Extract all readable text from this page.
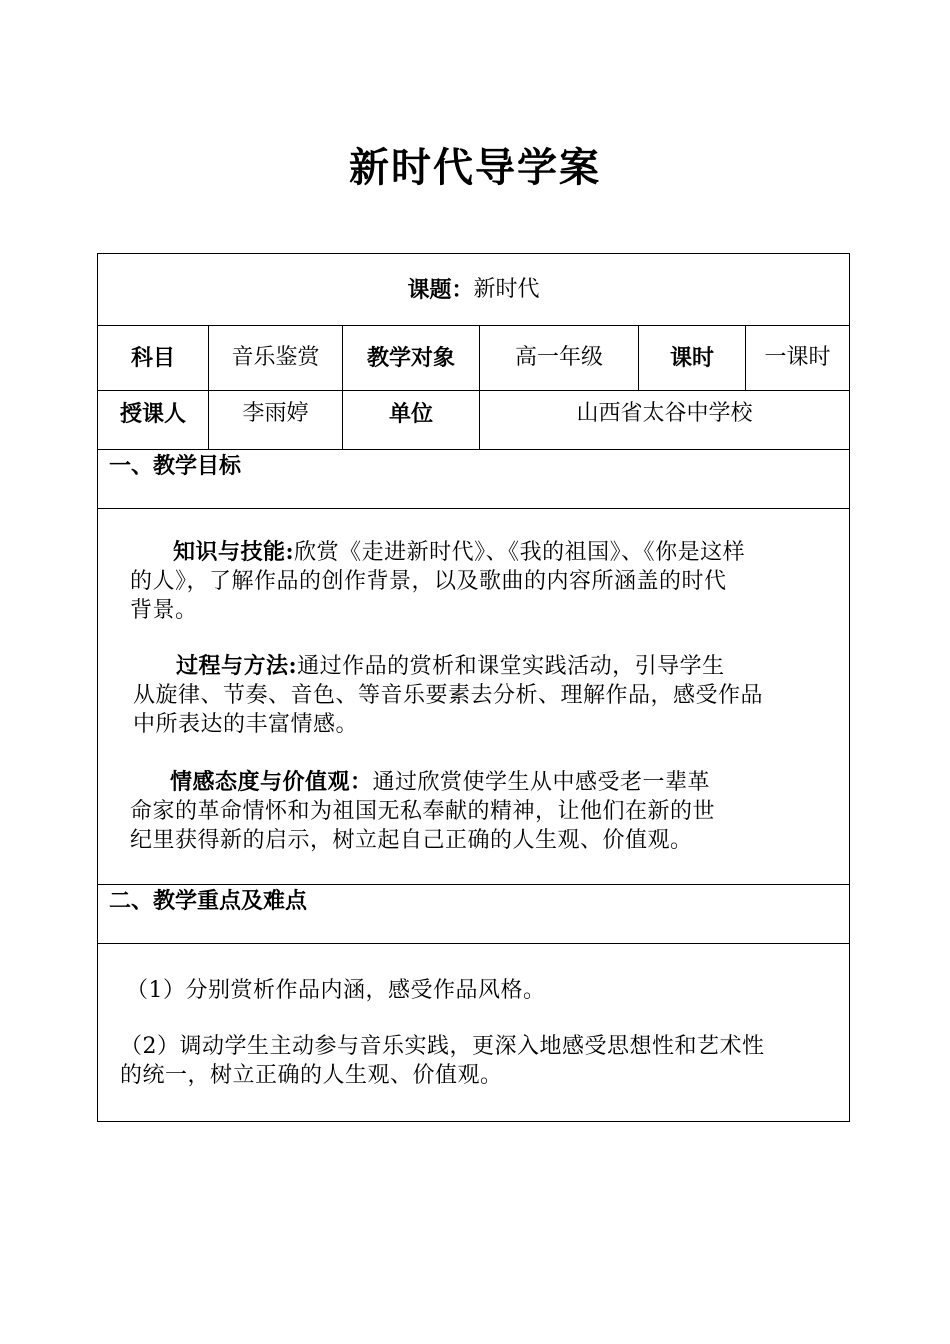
新时代导学案
课题： 新时代
科目	音乐鉴赏	教学对象	高一年级	课时	一课时
授课人	李雨婷	单位	山西省太谷中学校
一、教学目标
知识与技能:欣赏《走进新时代》、《我的祖国》、《你是这样
的人》，了解作品的创作背景，以及歌曲的内容所涵盖的时代
背景。
过程与方法:通过作品的赏析和课堂实践活动，引导学生
从旋律、节奏、音色、等音乐要素去分析、理解作品，感受作品
中所表达的丰富情感。
情感态度与价值观：通过欣赏使学生从中感受老一辈革
命家的革命情怀和为祖国无私奉献的精神，让他们在新的世
纪里获得新的启示，树立起自己正确的人生观、价值观。
二、教学重点及难点
（1）分别赏析作品内涵，感受作品风格。
（2）调动学生主动参与音乐实践，更深入地感受思想性和艺术性
的统一，树立正确的人生观、价值观。
